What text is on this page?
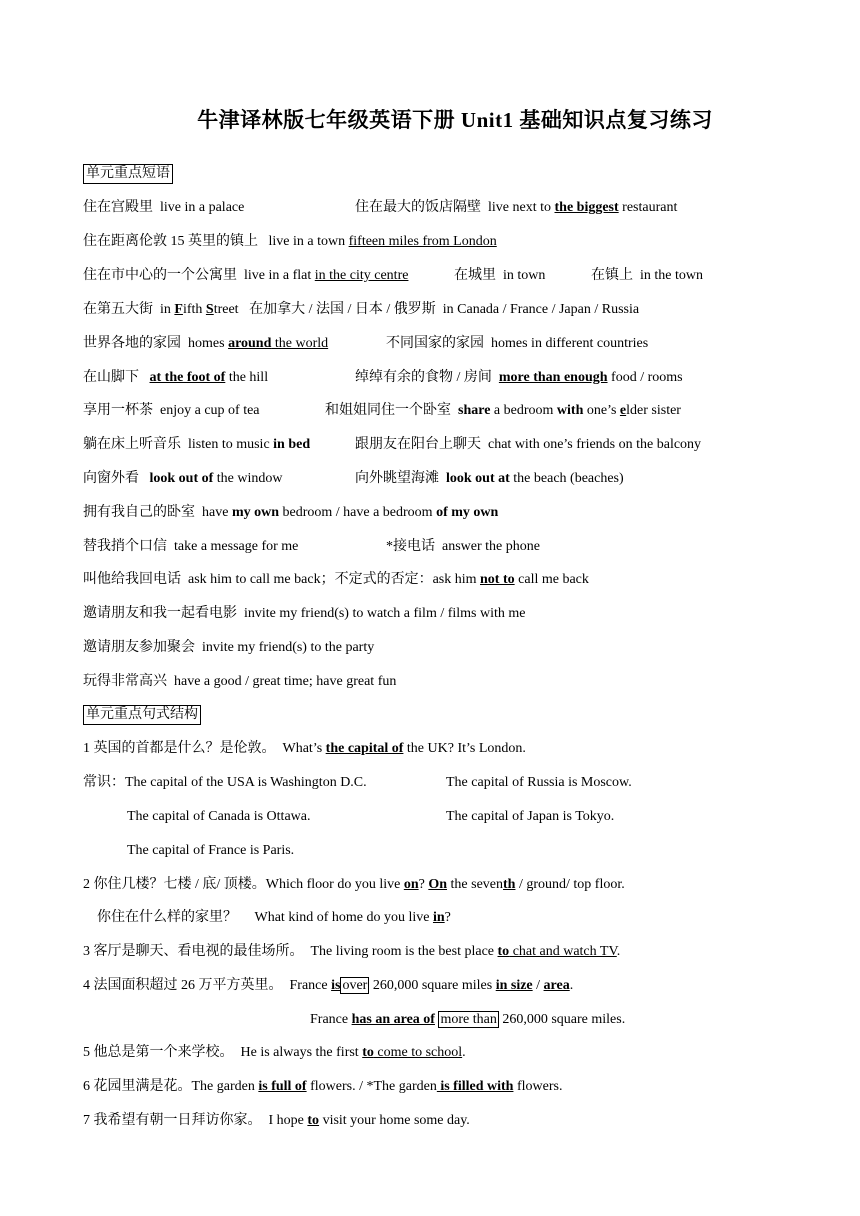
牛津译林版七年级英语下册 Unit1 基础知识点复习练习
单元重点短语
住在宫殿里 live in a palace	住在最大的饭店隔壁 live next to the biggest restaurant
住在距离伦敦 15 英里的镇上 live in a town fifteen miles from London
住在市中心的一个公寓里 live in a flat in the city centre	在城里 in town	在镇上 in the town
在第五大街 in Fifth Street 在加拿大 / 法国 / 日本 / 俄罗斯 in Canada / France / Japan / Russia
世界各地的家园 homes around the world	不同国家的家园 homes in different countries
在山脚下 at the foot of the hill	绰绰有余的食物 / 房间 more than enough food / rooms
享用一杯茶 enjoy a cup of tea	和姐姐同住一个卧室 share a bedroom with one’s elder sister
躺在床上听音乐 listen to music in bed	跟朋友在阳台上聊天 chat with one’s friends on the balcony
向窗外看 look out of the window	向外眺望海滩 look out at the beach (beaches)
拥有我自己的卧室 have my own bedroom / have a bedroom of my own
替我捎个口信 take a message for me	*接电话 answer the phone
叫他给我回电话 ask him to call me back；不定式的否定：ask him not to call me back
邀请朋友和我一起看电影 invite my friend(s) to watch a film / films with me
邀请朋友参加聚会 invite my friend(s) to the party
玩得非常高兴 have a good / great time; have great fun
单元重点句式结构
1 英国的首都是什么？是伦敦。 What’s the capital of the UK? It’s London.
常识：The capital of the USA is Washington D.C.	The capital of Russia is Moscow.
The capital of Canada is Ottawa.	The capital of Japan is Tokyo.
The capital of France is Paris.
2 你住几楼？七楼 / 底/ 顶楼。Which floor do you live on? On the seventh / ground/ top floor.
你住在什么样的家里？ What kind of home do you live in?
3 客厅是聊天、看电视的最佳场所。 The living room is the best place to chat and watch TV.
4 法国面积超过 26 万平方英里。 France is over 260,000 square miles in size / area.
France has an area of more than 260,000 square miles.
5 他总是第一个来学校。 He is always the first to come to school.
6 花园里满是花。The garden is full of flowers. / *The garden is filled with flowers.
7 我希望有朝一日拜访你家。 I hope to visit your home some day.
